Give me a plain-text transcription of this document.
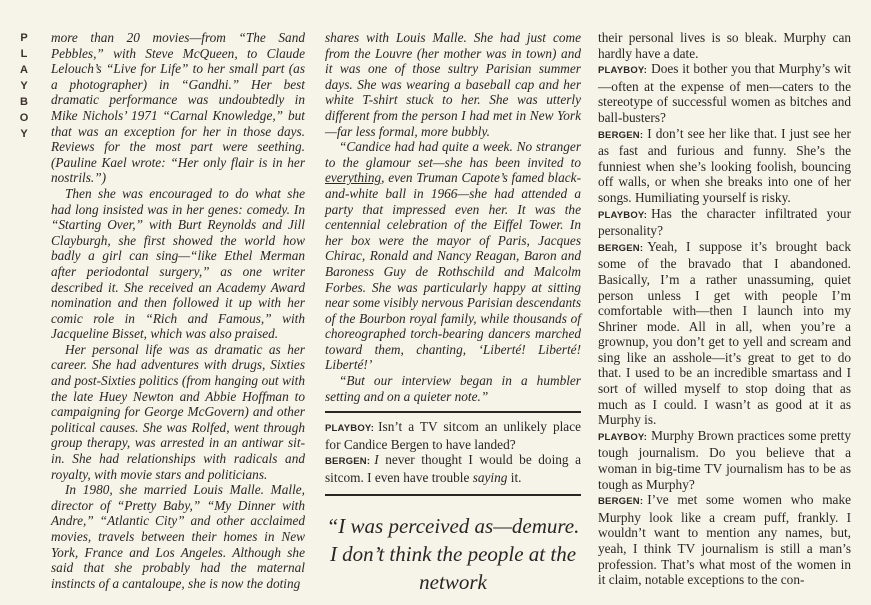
P
L
A
Y
B
O
Y

more than 20 movies—from “The Sand Pebbles,” with Steve McQueen, to Claude Lelouch’s “Live for Life” to her small part (as a photographer) in “Gandhi.” Her best dramatic performance was undoubtedly in Mike Nichols’ 1971 “Carnal Knowledge,” but that was an exception for her in those days. Reviews for the most part were seething. (Pauline Kael wrote: “Her only flair is in her nostrils.”)

Then she was encouraged to do what she had long insisted was in her genes: comedy. In “Starting Over,” with Burt Reynolds and Jill Clayburgh, she first showed the world how badly a girl can sing—“like Ethel Merman after periodontal surgery,” as one writer described it. She received an Academy Award nomination and then followed it up with her comic role in “Rich and Famous,” with Jacqueline Bisset, which was also praised.

Her personal life was as dramatic as her career. She had adventures with drugs, Sixties and post-Sixties politics (from hanging out with the late Huey Newton and Abbie Hoffman to campaigning for George McGovern) and other political causes. She was Rolfed, went through group therapy, was arrested in an antiwar sit-in. She had relationships with radicals and royalty, with movie stars and politicians.

In 1980, she married Louis Malle. Malle, director of “Pretty Baby,” “My Dinner with Andre,” “Atlantic City” and other acclaimed movies, travels between their homes in New York, France and Los Angeles. Although she said that she probably had the maternal instincts of a cantaloupe, she is now the doting

shares with Louis Malle. She had just come from the Louvre (her mother was in town) and it was one of those sultry Parisian summer days. She was wearing a baseball cap and her white T-shirt stuck to her. She was utterly different from the person I had met in New York—far less formal, more bubbly.

“Candice had had quite a week. No stranger to the glamour set—she has been invited to everything, even Truman Capote’s famed black-and-white ball in 1966—she had attended a party that impressed even her. It was the centennial celebration of the Eiffel Tower. In her box were the mayor of Paris, Jacques Chirac, Ronald and Nancy Reagan, Baron and Baroness Guy de Rothschild and Malcolm Forbes. She was particularly happy at sitting near some visibly nervous Parisian descendants of the Bourbon royal family, while thousands of choreographed torch-bearing dancers marched toward them, chanting, ‘Liberté! Liberté! Liberté!’

“But our interview began in a humbler setting and on a quieter note.”

PLAYBOY: Isn’t a TV sitcom an unlikely place for Candice Bergen to have landed?

BERGEN: I never thought I would be doing a sitcom. I even have trouble saying it.

“I was perceived as—demure. I don’t think the people at the network

their personal lives is so bleak. Murphy can hardly have a date.

PLAYBOY: Does it bother you that Murphy’s wit—often at the expense of men—caters to the stereotype of successful women as bitches and ball-busters?

BERGEN: I don’t see her like that. I just see her as fast and furious and funny. She’s the funniest when she’s looking foolish, bouncing off walls, or when she breaks into one of her songs. Humiliating yourself is risky.

PLAYBOY: Has the character infiltrated your personality?

BERGEN: Yeah, I suppose it’s brought back some of the bravado that I abandoned. Basically, I’m a rather unassuming, quiet person unless I get with people I’m comfortable with—then I launch into my Shriner mode. All in all, when you’re a grownup, you don’t get to yell and scream and sing like an asshole—it’s great to get to do that. I used to be an incredible smartass and I sort of willed myself to stop doing that as much as I could. I wasn’t as good at it as Murphy is.

PLAYBOY: Murphy Brown practices some pretty tough journalism. Do you believe that a woman in big-time TV journalism has to be as tough as Murphy?

BERGEN: I’ve met some women who make Murphy look like a cream puff, frankly. I wouldn’t want to mention any names, but, yeah, I think TV journalism is still a man’s profession. That’s what most of the women in it claim, notable exceptions to the con-
